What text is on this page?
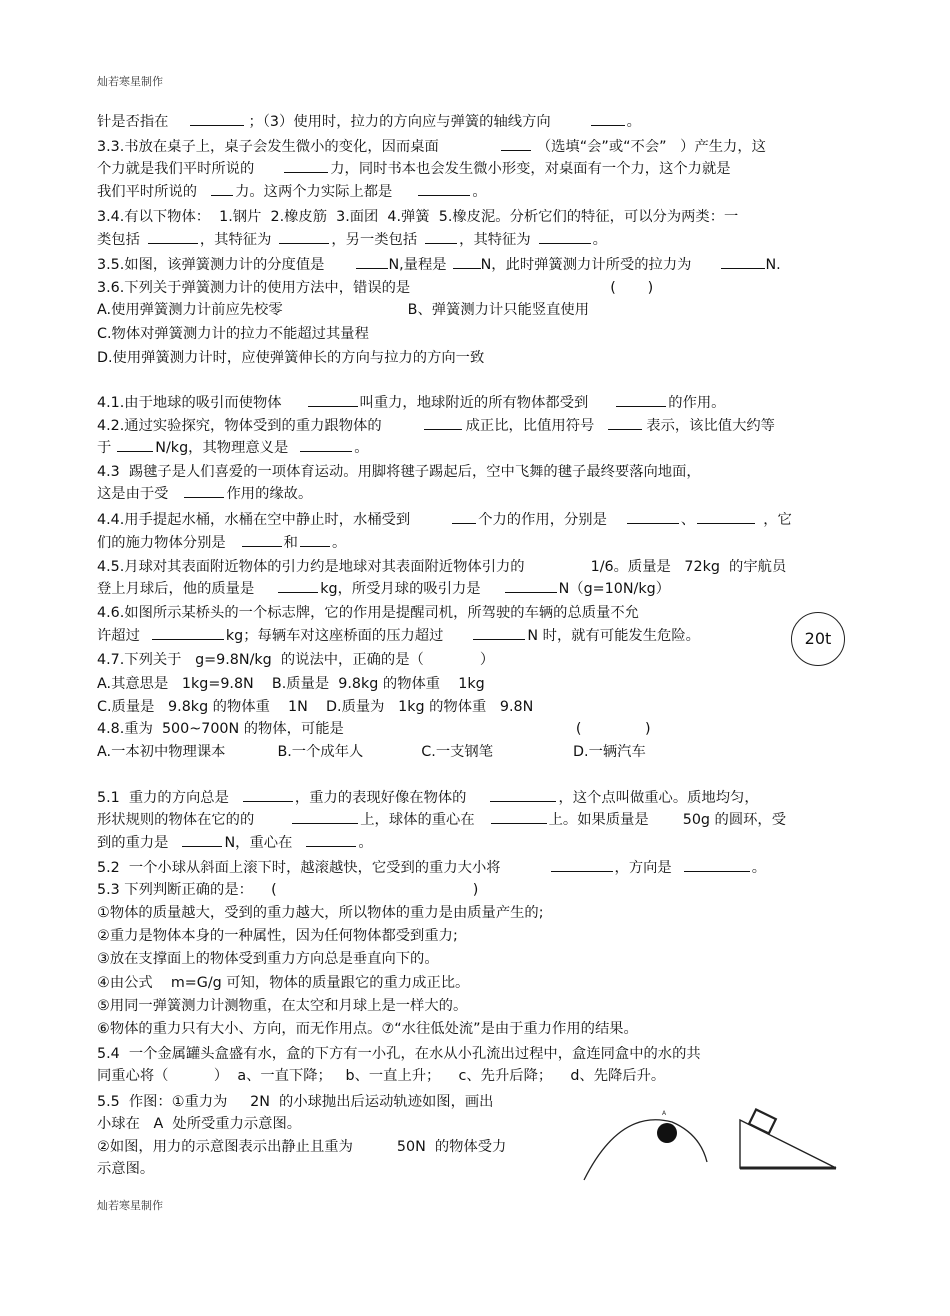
灿若寒星制作
针是否指在	；（3）使用时，拉力的方向应与弹簧的轴线方向	。
3.3.书放在桌子上，桌子会发生微小的变化，因而桌面	（选填“会”或“不会”   ）产生力，这
个力就是我们平时所说的	力，同时书本也会发生微小形变，对桌面有一个力，这个力就是
我们平时所说的	力。这两个力实际上都是	。
3.4.有以下物体：  1.钢片  2.橡皮筋  3.面团  4.弹簧  5.橡皮泥。分析它们的特征，可以分为两类：一
类包括	，其特征为	，另一类包括	，其特征为	。
3.5.如图，该弹簧测力计的分度值是	N,量程是 N，此时弹簧测力计所受的拉力为	N.
3.6.下列关于弹簧测力计的使用方法中，错误的是	(       )
A.使用弹簧测力计前应先校零	B、弹簧测力计只能竖直使用
C.物体对弹簧测力计的拉力不能超过其量程
D.使用弹簧测力计时，应使弹簧伸长的方向与拉力的方向一致
4.1.由于地球的吸引而使物体	叫重力，地球附近的所有物体都受到	的作用。
4.2.通过实验探究，物体受到的重力跟物体的	成正比，比值用符号	表示，该比值大约等
于	N/kg，其物理意义是	。
4.3  踢毽子是人们喜爱的一项体育运动。用脚将毽子踢起后，空中飞舞的毽子最终要落向地面，
这是由于受	作用的缘故。
4.4.用手提起水桶，水桶在空中静止时，水桶受到	个力的作用，分别是	、	，它
们的施力物体分别是	和 。
4.5.月球对其表面附近物体的引力约是地球对其表面附近物体引力的	1/6。质量是   72kg  的宇航员
登上月球后，他的质量是	kg，所受月球的吸引力是	N（g=10N/kg）
4.6.如图所示某桥头的一个标志牌，它的作用是提醒司机，所驾驶的车辆的总质量不允
许超过	kg；每辆车对这座桥面的压力超过	N 时，就有可能发生危险。	20t
4.7.下列关于   g=9.8N/kg  的说法中，正确的是（	）
A.其意思是   1kg=9.8N    B.质量是  9.8kg 的物体重    1kg
C.质量是   9.8kg 的物体重    1N    D.质量为   1kg 的物体重   9.8N
4.8.重为  500~700N 的物体，可能是	(              )
A.一本初中物理课本	B.一个成年人	C.一支钢笔	D.一辆汽车
5.1  重力的方向总是	，重力的表现好像在物体的	，这个点叫做重心。质地均匀，
形状规则的物体在它的的	上，球体的重心在	上。如果质量是 50g 的圆环，受
到的重力是	N，重心在	。
5.2  一个小球从斜面上滚下时，越滚越快，它受到的重力大小将	，方向是	。
5.3 下列判断正确的是：    (	)
①物体的质量越大，受到的重力越大，所以物体的重力是由质量产生的;
②重力是物体本身的一种属性，因为任何物体都受到重力;
③放在支撑面上的物体受到重力方向总是垂直向下的。
④由公式    m=G/g 可知，物体的质量跟它的重力成正比。
⑤用同一弹簧测力计测物重，在太空和月球上是一样大的。
⑥物体的重力只有大小、方向，而无作用点。⑦“水往低处流”是由于重力作用的结果。
5.4  一个金属罐头盒盛有水，盒的下方有一小孔，在水从小孔流出过程中，盒连同盒中的水的共
同重心将（          ）  a、一直下降；   b、一直上升；    c、先升后降；    d、先降后升。
5.5  作图：①重力为     2N  的小球抛出后运动轨迹如图，画出
小球在   A  处所受重力示意图。
②如图，用力的示意图表示出静止且重为	50N  的物体受力
示意图。
A
灿若寒星制作
